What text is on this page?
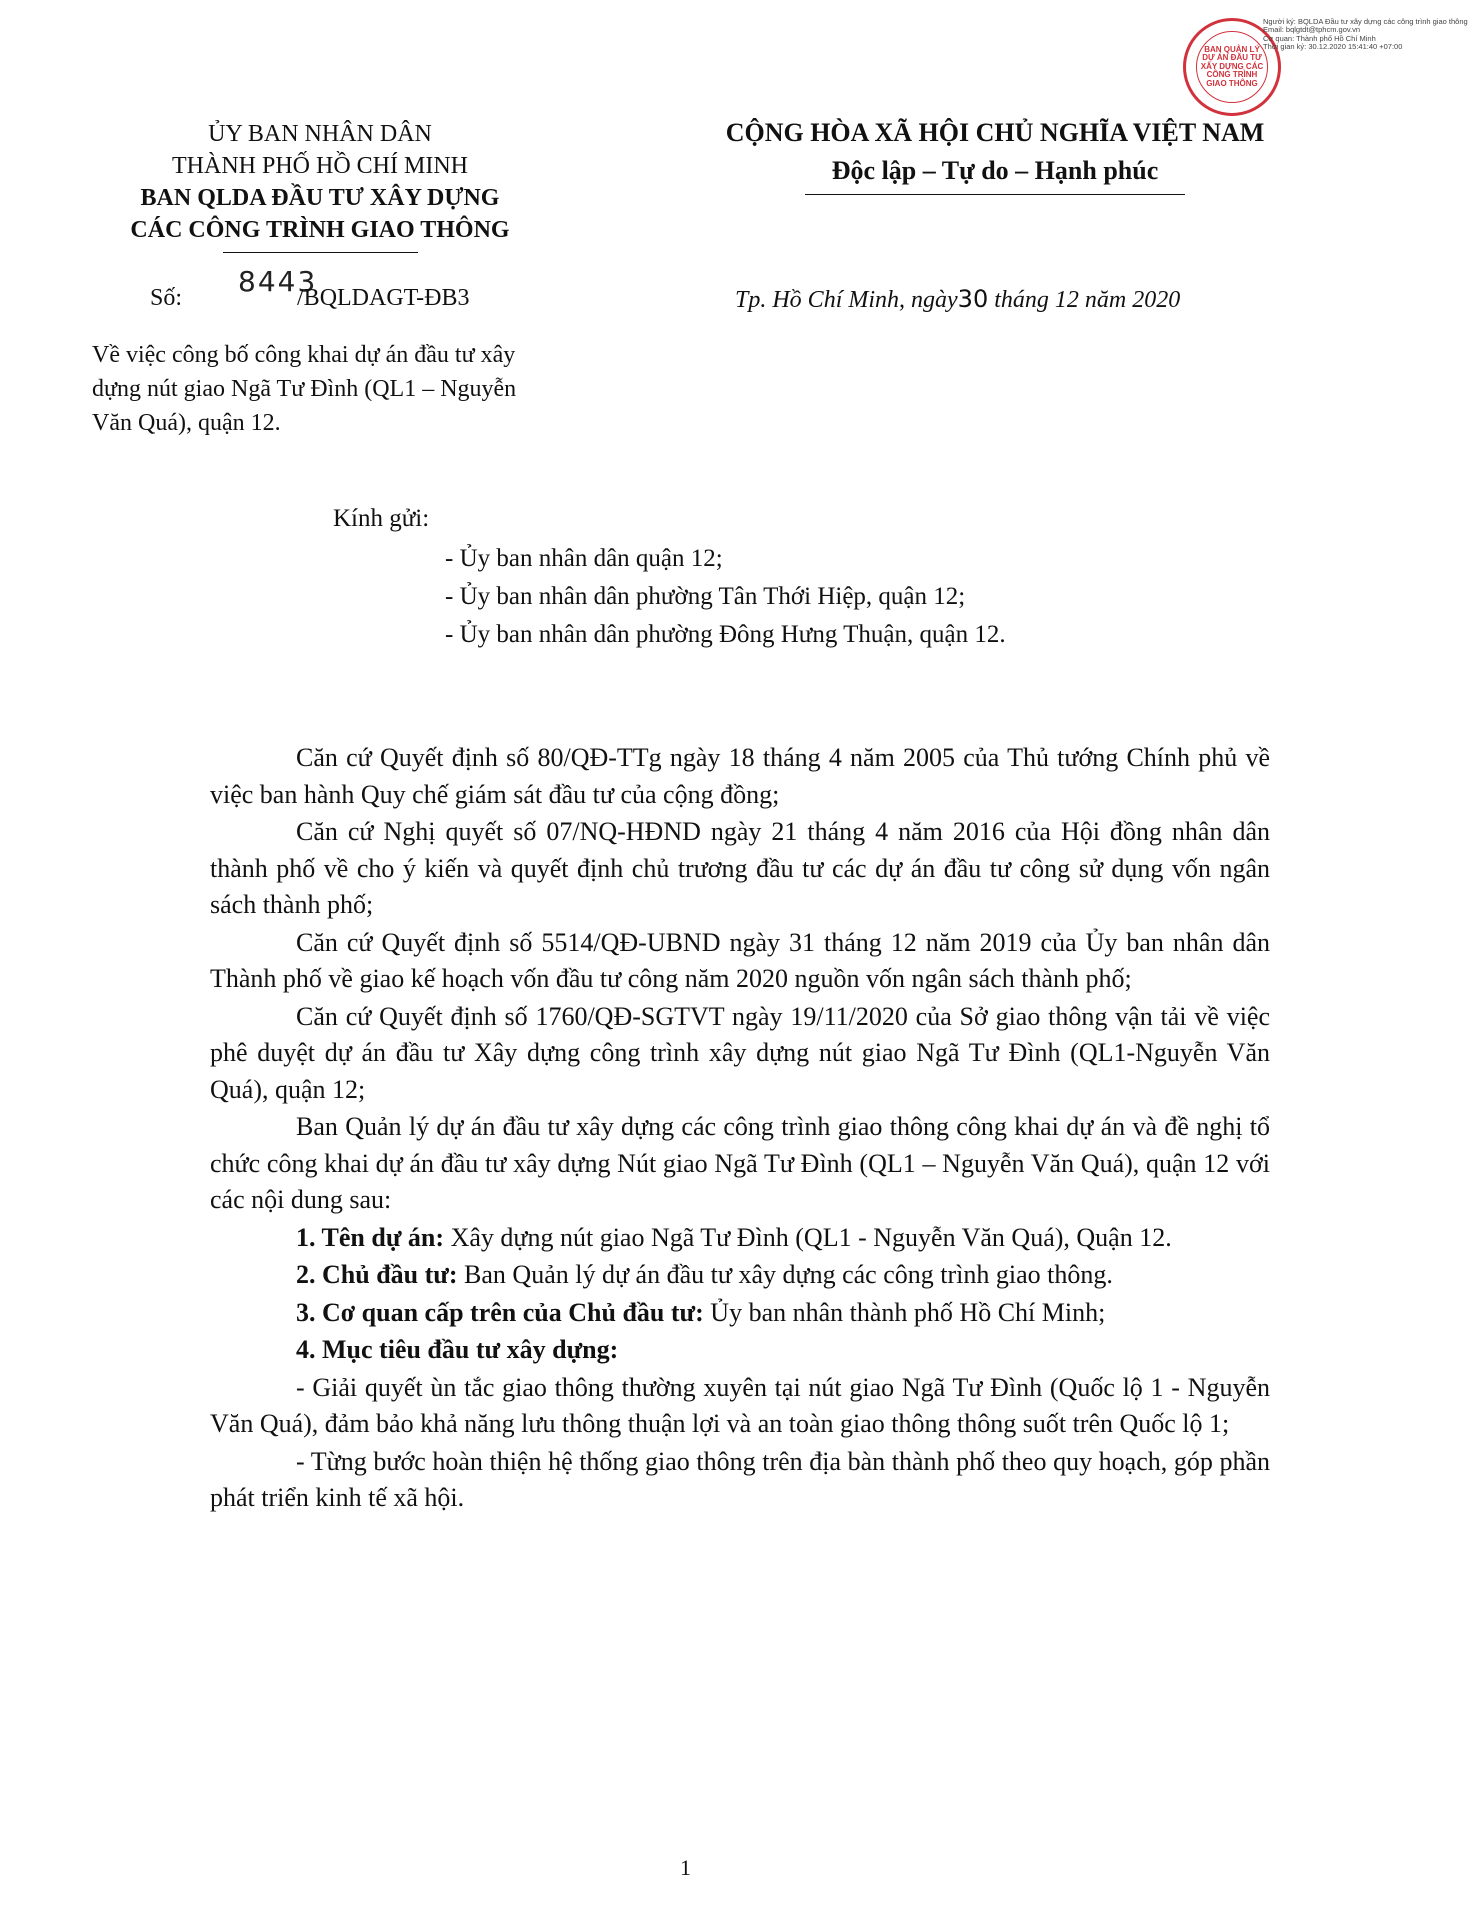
BAN QUẢN LÝ DỰ ÁN ĐẦU TƯ XÂY DỰNG CÁC CÔNG TRÌNH GIAO THÔNG
Người ký: BQLDA Đầu tư xây dựng các công trình giao thông
Email: bqlgtdt@tphcm.gov.vn
Cơ quan: Thành phố Hồ Chí Minh
Thời gian ký: 30.12.2020 15:41:40 +07:00
ỦY BAN NHÂN DÂN
THÀNH PHỐ HỒ CHÍ MINH
BAN QLDA ĐẦU TƯ XÂY DỰNG
CÁC CÔNG TRÌNH GIAO THÔNG
CỘNG HÒA XÃ HỘI CHỦ NGHĨA VIỆT NAM
Độc lập – Tự do – Hạnh phúc
8443
Số:	/BQLDAGT-ĐB3	Tp. Hồ Chí Minh, ngày30 tháng 12 năm 2020
Về việc công bố công khai dự án đầu tư xây
dựng nút giao Ngã Tư Đình (QL1 – Nguyễn
Văn Quá), quận 12.
Kính gửi:
- Ủy ban nhân dân quận 12;
- Ủy ban nhân dân phường Tân Thới Hiệp, quận 12;
- Ủy ban nhân dân phường Đông Hưng Thuận, quận 12.

Căn cứ Quyết định số 80/QĐ-TTg ngày 18 tháng 4 năm 2005 của Thủ tướng Chính phủ về việc ban hành Quy chế giám sát đầu tư của cộng đồng;

Căn cứ Nghị quyết số 07/NQ-HĐND ngày 21 tháng 4 năm 2016 của Hội đồng nhân dân thành phố về cho ý kiến và quyết định chủ trương đầu tư các dự án đầu tư công sử dụng vốn ngân sách thành phố;

Căn cứ Quyết định số 5514/QĐ-UBND ngày 31 tháng 12 năm 2019 của Ủy ban nhân dân Thành phố về giao kế hoạch vốn đầu tư công năm 2020 nguồn vốn ngân sách thành phố;

Căn cứ Quyết định số 1760/QĐ-SGTVT ngày 19/11/2020 của Sở giao thông vận tải về việc phê duyệt dự án đầu tư Xây dựng công trình xây dựng nút giao Ngã Tư Đình (QL1-Nguyễn Văn Quá), quận 12;

Ban Quản lý dự án đầu tư xây dựng các công trình giao thông công khai dự án và đề nghị tổ chức công khai dự án đầu tư xây dựng Nút giao Ngã Tư Đình (QL1 – Nguyễn Văn Quá), quận 12 với các nội dung sau:

1. Tên dự án: Xây dựng nút giao Ngã Tư Đình (QL1 - Nguyễn Văn Quá), Quận 12.

2. Chủ đầu tư: Ban Quản lý dự án đầu tư xây dựng các công trình giao thông.

3. Cơ quan cấp trên của Chủ đầu tư: Ủy ban nhân thành phố Hồ Chí Minh;

4. Mục tiêu đầu tư xây dựng:

- Giải quyết ùn tắc giao thông thường xuyên tại nút giao Ngã Tư Đình (Quốc lộ 1 - Nguyễn Văn Quá), đảm bảo khả năng lưu thông thuận lợi và an toàn giao thông thông suốt trên Quốc lộ 1;

- Từng bước hoàn thiện hệ thống giao thông trên địa bàn thành phố theo quy hoạch, góp phần phát triển kinh tế xã hội.

1
